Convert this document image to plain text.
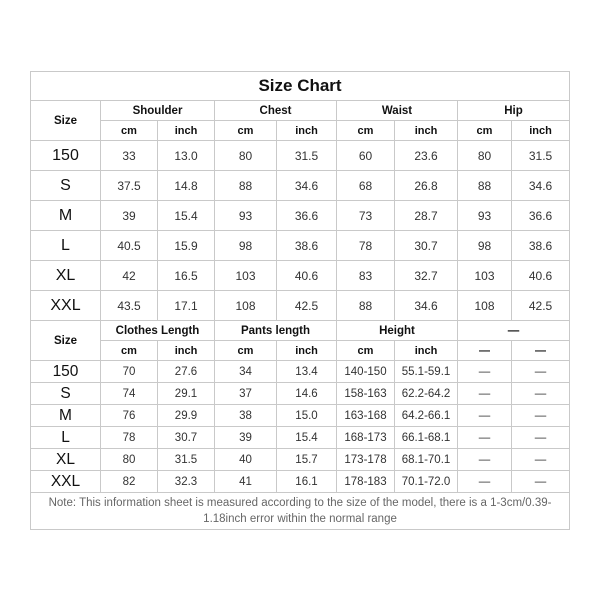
Size Chart								
Size	Shoulder		Chest		Waist		Hip	
	cm	inch	cm	inch	cm	inch	cm	inch
150	33	13.0	80	31.5	60	23.6	80	31.5
S	37.5	14.8	88	34.6	68	26.8	88	34.6
M	39	15.4	93	36.6	73	28.7	93	36.6
L	40.5	15.9	98	38.6	78	30.7	98	38.6
XL	42	16.5	103	40.6	83	32.7	103	40.6
XXL	43.5	17.1	108	42.5	88	34.6	108	42.5
Size	Clothes Length		Pants length		Height		—	
	cm	inch	cm	inch	cm	inch	—	—
150	70	27.6	34	13.4	140-150	55.1-59.1	—	—
S	74	29.1	37	14.6	158-163	62.2-64.2	—	—
M	76	29.9	38	15.0	163-168	64.2-66.1	—	—
L	78	30.7	39	15.4	168-173	66.1-68.1	—	—
XL	80	31.5	40	15.7	173-178	68.1-70.1	—	—
XXL	82	32.3	41	16.1	178-183	70.1-72.0	—	—
Note: This information sheet is measured according to the size of the model, there is a 1-3cm/0.39-1.18inch error within the normal range								
